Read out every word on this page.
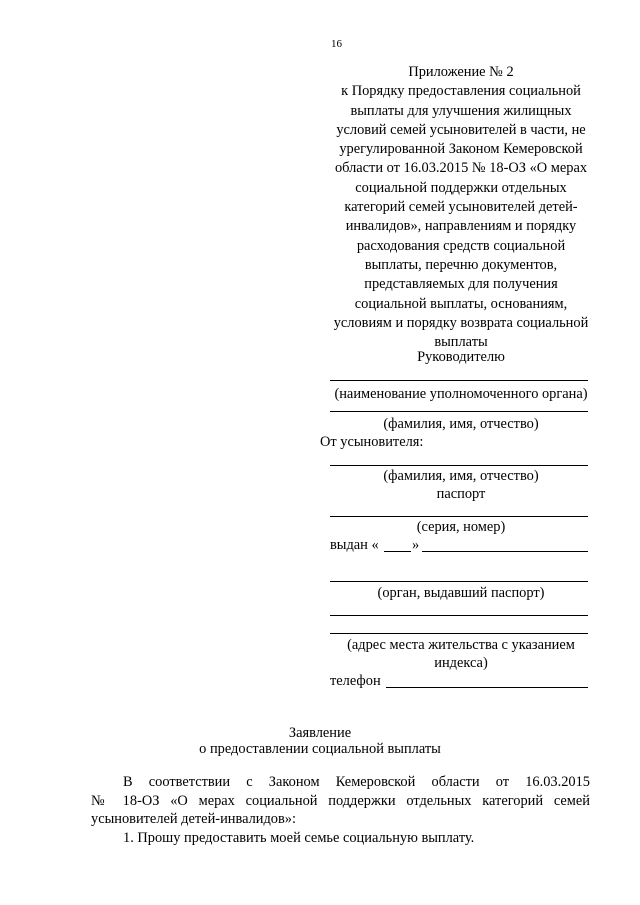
16
Приложение № 2
к Порядку предоставления социальной
выплаты для улучшения жилищных
условий семей усыновителей в части, не
урегулированной Законом Кемеровской
области от 16.03.2015 № 18-ОЗ «О мерах
социальной поддержки отдельных
категорий семей усыновителей детей-
инвалидов», направлениям и порядку
расходования средств социальной
выплаты, перечню документов,
представляемых для получения
социальной выплаты, основаниям,
условиям и порядку возврата социальной
выплаты
Руководителю
(наименование уполномоченного органа)
(фамилия, имя, отчество)
От усыновителя:
(фамилия, имя, отчество)
паспорт
(серия, номер)
выдан « »
(орган, выдавший паспорт)
(адрес места жительства с указанием
индекса)
телефон
Заявление
о предоставлении социальной выплаты
В соответствии с Законом Кемеровской области от 16.03.2015
№ 18-ОЗ «О мерах социальной поддержки отдельных категорий семей
усыновителей детей-инвалидов»:
1. Прошу предоставить моей семье социальную выплату.
